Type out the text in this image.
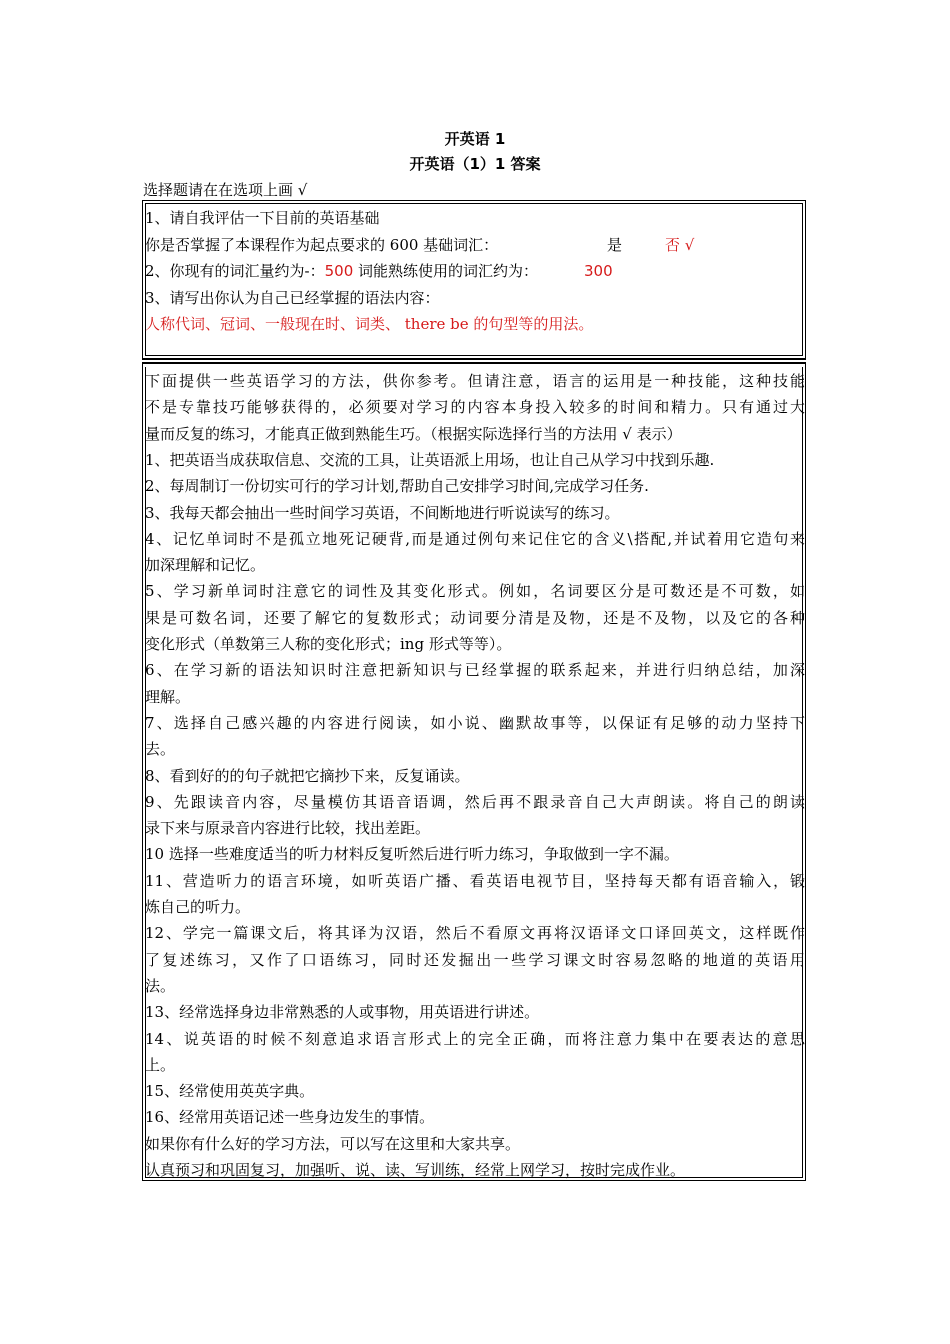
开英语 1
开英语（1）1 答案
选择题请在在选项上画 √
1、请自我评估一下目前的英语基础
你是否掌握了本课程作为起点要求的 600 基础词汇：	是	否 √
2、你现有的词汇量约为-：500 词能熟练使用的词汇约为：	300
3、请写出你认为自己已经掌握的语法内容：
人称代词、冠词、一般现在时、词类、 there be 的句型等的用法。
下面提供一些英语学习的方法，供你参考。但请注意，语言的运用是一种技能，这种技能
不是专靠技巧能够获得的，必须要对学习的内容本身投入较多的时间和精力。只有通过大
量而反复的练习，才能真正做到熟能生巧。（根据实际选择行当的方法用 √ 表示）
1、把英语当成获取信息、交流的工具，让英语派上用场，也让自己从学习中找到乐趣.
2、每周制订一份切实可行的学习计划,帮助自己安排学习时间,完成学习任务.
3、我每天都会抽出一些时间学习英语，不间断地进行听说读写的练习。
4、记忆单词时不是孤立地死记硬背,而是通过例句来记住它的含义\搭配,并试着用它造句来
加深理解和记忆。
5、学习新单词时注意它的词性及其变化形式。例如，名词要区分是可数还是不可数，如
果是可数名词，还要了解它的复数形式；动词要分清是及物，还是不及物，以及它的各种
变化形式（单数第三人称的变化形式；ing 形式等等）。
6、在学习新的语法知识时注意把新知识与已经掌握的联系起来，并进行归纳总结，加深
理解。
7、选择自己感兴趣的内容进行阅读，如小说、幽默故事等，以保证有足够的动力坚持下
去。
8、看到好的的句子就把它摘抄下来，反复诵读。
9、先跟读音内容，尽量模仿其语音语调，然后再不跟录音自己大声朗读。将自己的朗读
录下来与原录音内容进行比较，找出差距。
10 选择一些难度适当的听力材料反复听然后进行听力练习，争取做到一字不漏。
11、营造听力的语言环境，如听英语广播、看英语电视节目，坚持每天都有语音输入，锻
炼自己的听力。
12、学完一篇课文后，将其译为汉语，然后不看原文再将汉语译文口译回英文，这样既作
了复述练习，又作了口语练习，同时还发掘出一些学习课文时容易忽略的地道的英语用
法。
13、经常选择身边非常熟悉的人或事物，用英语进行讲述。
14、说英语的时候不刻意追求语言形式上的完全正确，而将注意力集中在要表达的意思
上。
15、经常使用英英字典。
16、经常用英语记述一些身边发生的事情。
如果你有什么好的学习方法，可以写在这里和大家共享。
认真预习和巩固复习，加强听、说、读、写训练，经常上网学习，按时完成作业。
